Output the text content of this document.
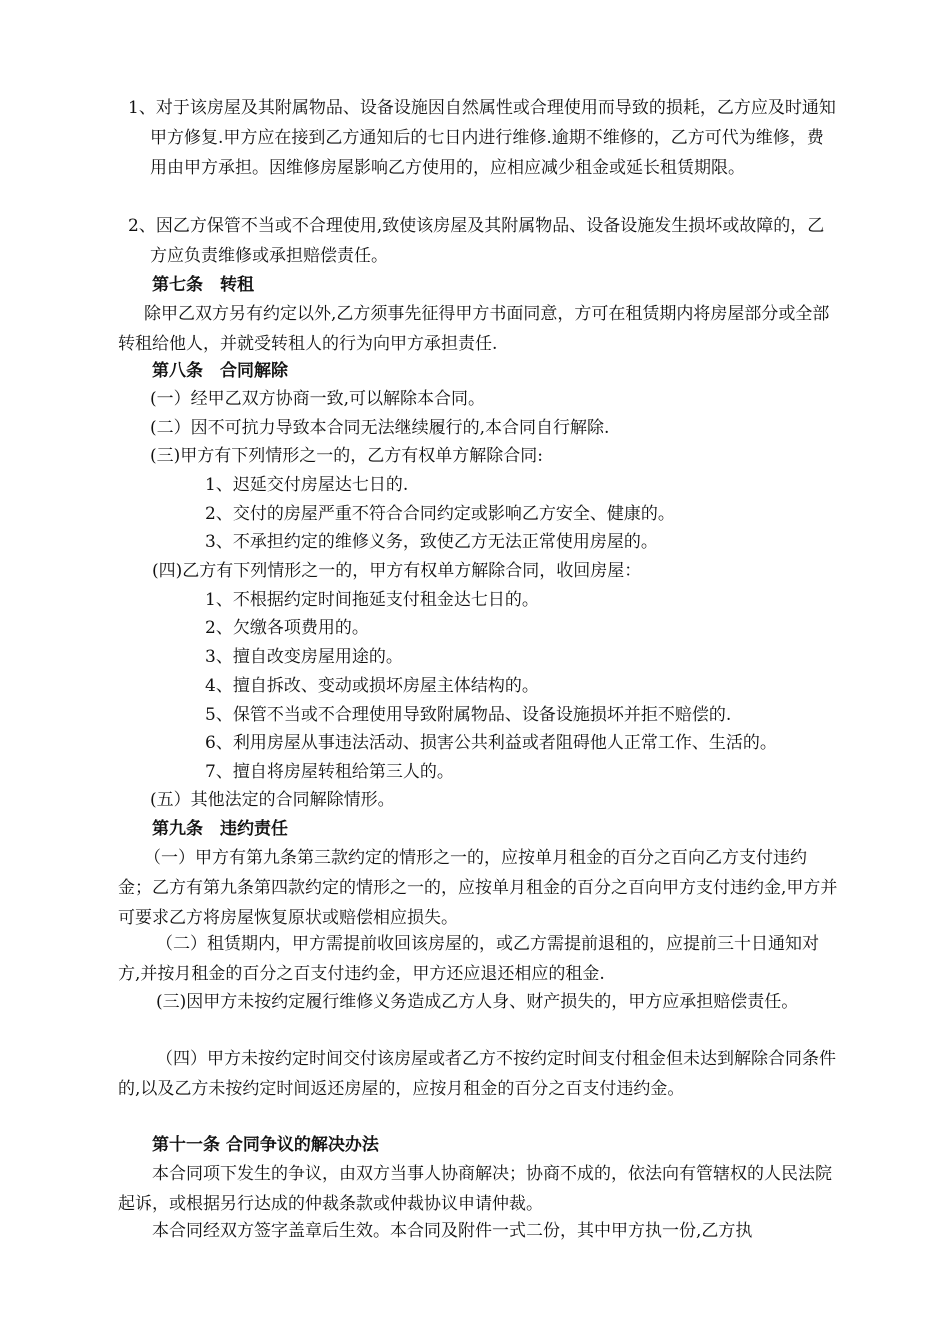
1、对于该房屋及其附属物品、设备设施因自然属性或合理使用而导致的损耗，乙方应及时通知甲方修复.甲方应在接到乙方通知后的七日内进行维修.逾期不维修的，乙方可代为维修，费用由甲方承担。因维修房屋影响乙方使用的，应相应减少租金或延长租赁期限。
2、因乙方保管不当或不合理使用,致使该房屋及其附属物品、设备设施发生损坏或故障的，乙方应负责维修或承担赔偿责任。
第七条　转租
除甲乙双方另有约定以外,乙方须事先征得甲方书面同意，方可在租赁期内将房屋部分或全部转租给他人，并就受转租人的行为向甲方承担责任.
第八条　合同解除
(一）经甲乙双方协商一致,可以解除本合同。
(二）因不可抗力导致本合同无法继续履行的,本合同自行解除.
(三)甲方有下列情形之一的，乙方有权单方解除合同:
1、迟延交付房屋达七日的.
2、交付的房屋严重不符合合同约定或影响乙方安全、健康的。
3、不承担约定的维修义务，致使乙方无法正常使用房屋的。
(四)乙方有下列情形之一的，甲方有权单方解除合同，收回房屋：
1、不根据约定时间拖延支付租金达七日的。
2、欠缴各项费用的。
3、擅自改变房屋用途的。
4、擅自拆改、变动或损坏房屋主体结构的。
5、保管不当或不合理使用导致附属物品、设备设施损坏并拒不赔偿的.
6、利用房屋从事违法活动、损害公共利益或者阻碍他人正常工作、生活的。
7、擅自将房屋转租给第三人的。
(五）其他法定的合同解除情形。
第九条　违约责任
（一）甲方有第九条第三款约定的情形之一的，应按单月租金的百分之百向乙方支付违约金；乙方有第九条第四款约定的情形之一的，应按单月租金的百分之百向甲方支付违约金,甲方并可要求乙方将房屋恢复原状或赔偿相应损失。
（二）租赁期内，甲方需提前收回该房屋的，或乙方需提前退租的，应提前三十日通知对方,并按月租金的百分之百支付违约金，甲方还应退还相应的租金.
(三)因甲方未按约定履行维修义务造成乙方人身、财产损失的，甲方应承担赔偿责任。
（四）甲方未按约定时间交付该房屋或者乙方不按约定时间支付租金但未达到解除合同条件的,以及乙方未按约定时间返还房屋的，应按月租金的百分之百支付违约金。
第十一条 合同争议的解决办法
本合同项下发生的争议，由双方当事人协商解决；协商不成的，依法向有管辖权的人民法院起诉，或根据另行达成的仲裁条款或仲裁协议申请仲裁。
本合同经双方签字盖章后生效。本合同及附件一式二份，其中甲方执一份,乙方执
